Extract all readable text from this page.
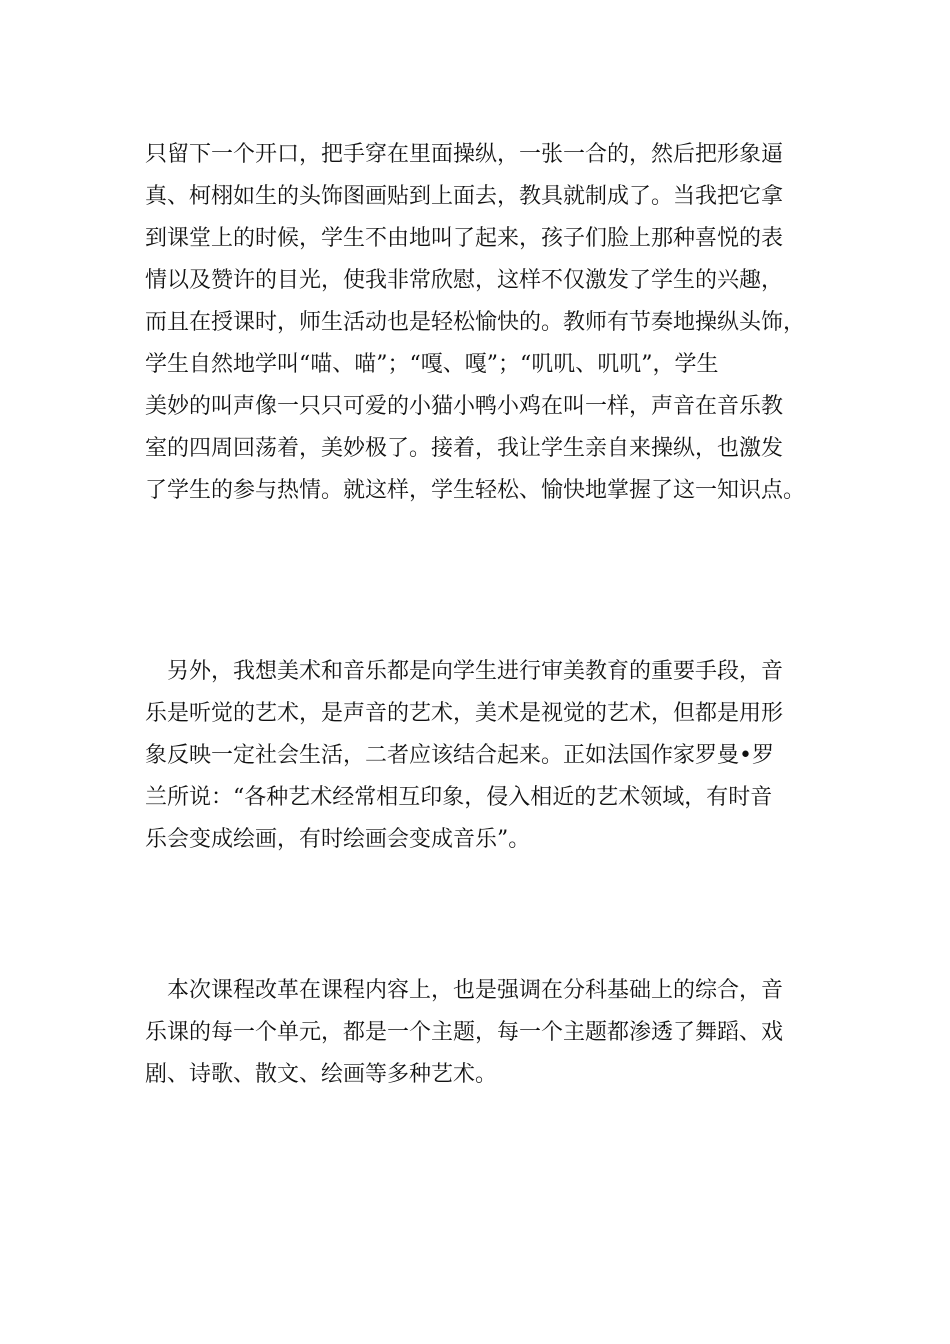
只留下一个开口，把手穿在里面操纵，一张一合的，然后把形象逼
真、柯栩如生的头饰图画贴到上面去，教具就制成了。当我把它拿
到课堂上的时候，学生不由地叫了起来，孩子们脸上那种喜悦的表
情以及赞许的目光，使我非常欣慰，这样不仅激发了学生的兴趣，
而且在授课时，师生活动也是轻松愉快的。教师有节奏地操纵头饰，
学生自然地学叫“喵、喵”；“嘎、嘎”；“叽叽、叽叽”，学生
美妙的叫声像一只只可爱的小猫小鸭小鸡在叫一样，声音在音乐教
室的四周回荡着，美妙极了。接着，我让学生亲自来操纵，也激发
了学生的参与热情。就这样，学生轻松、愉快地掌握了这一知识点。
　另外，我想美术和音乐都是向学生进行审美教育的重要手段，音
乐是听觉的艺术，是声音的艺术，美术是视觉的艺术，但都是用形
象反映一定社会生活，二者应该结合起来。正如法国作家罗曼•罗
兰所说：“各种艺术经常相互印象，侵入相近的艺术领域，有时音
乐会变成绘画，有时绘画会变成音乐”。
　本次课程改革在课程内容上，也是强调在分科基础上的综合，音
乐课的每一个单元，都是一个主题，每一个主题都渗透了舞蹈、戏
剧、诗歌、散文、绘画等多种艺术。
